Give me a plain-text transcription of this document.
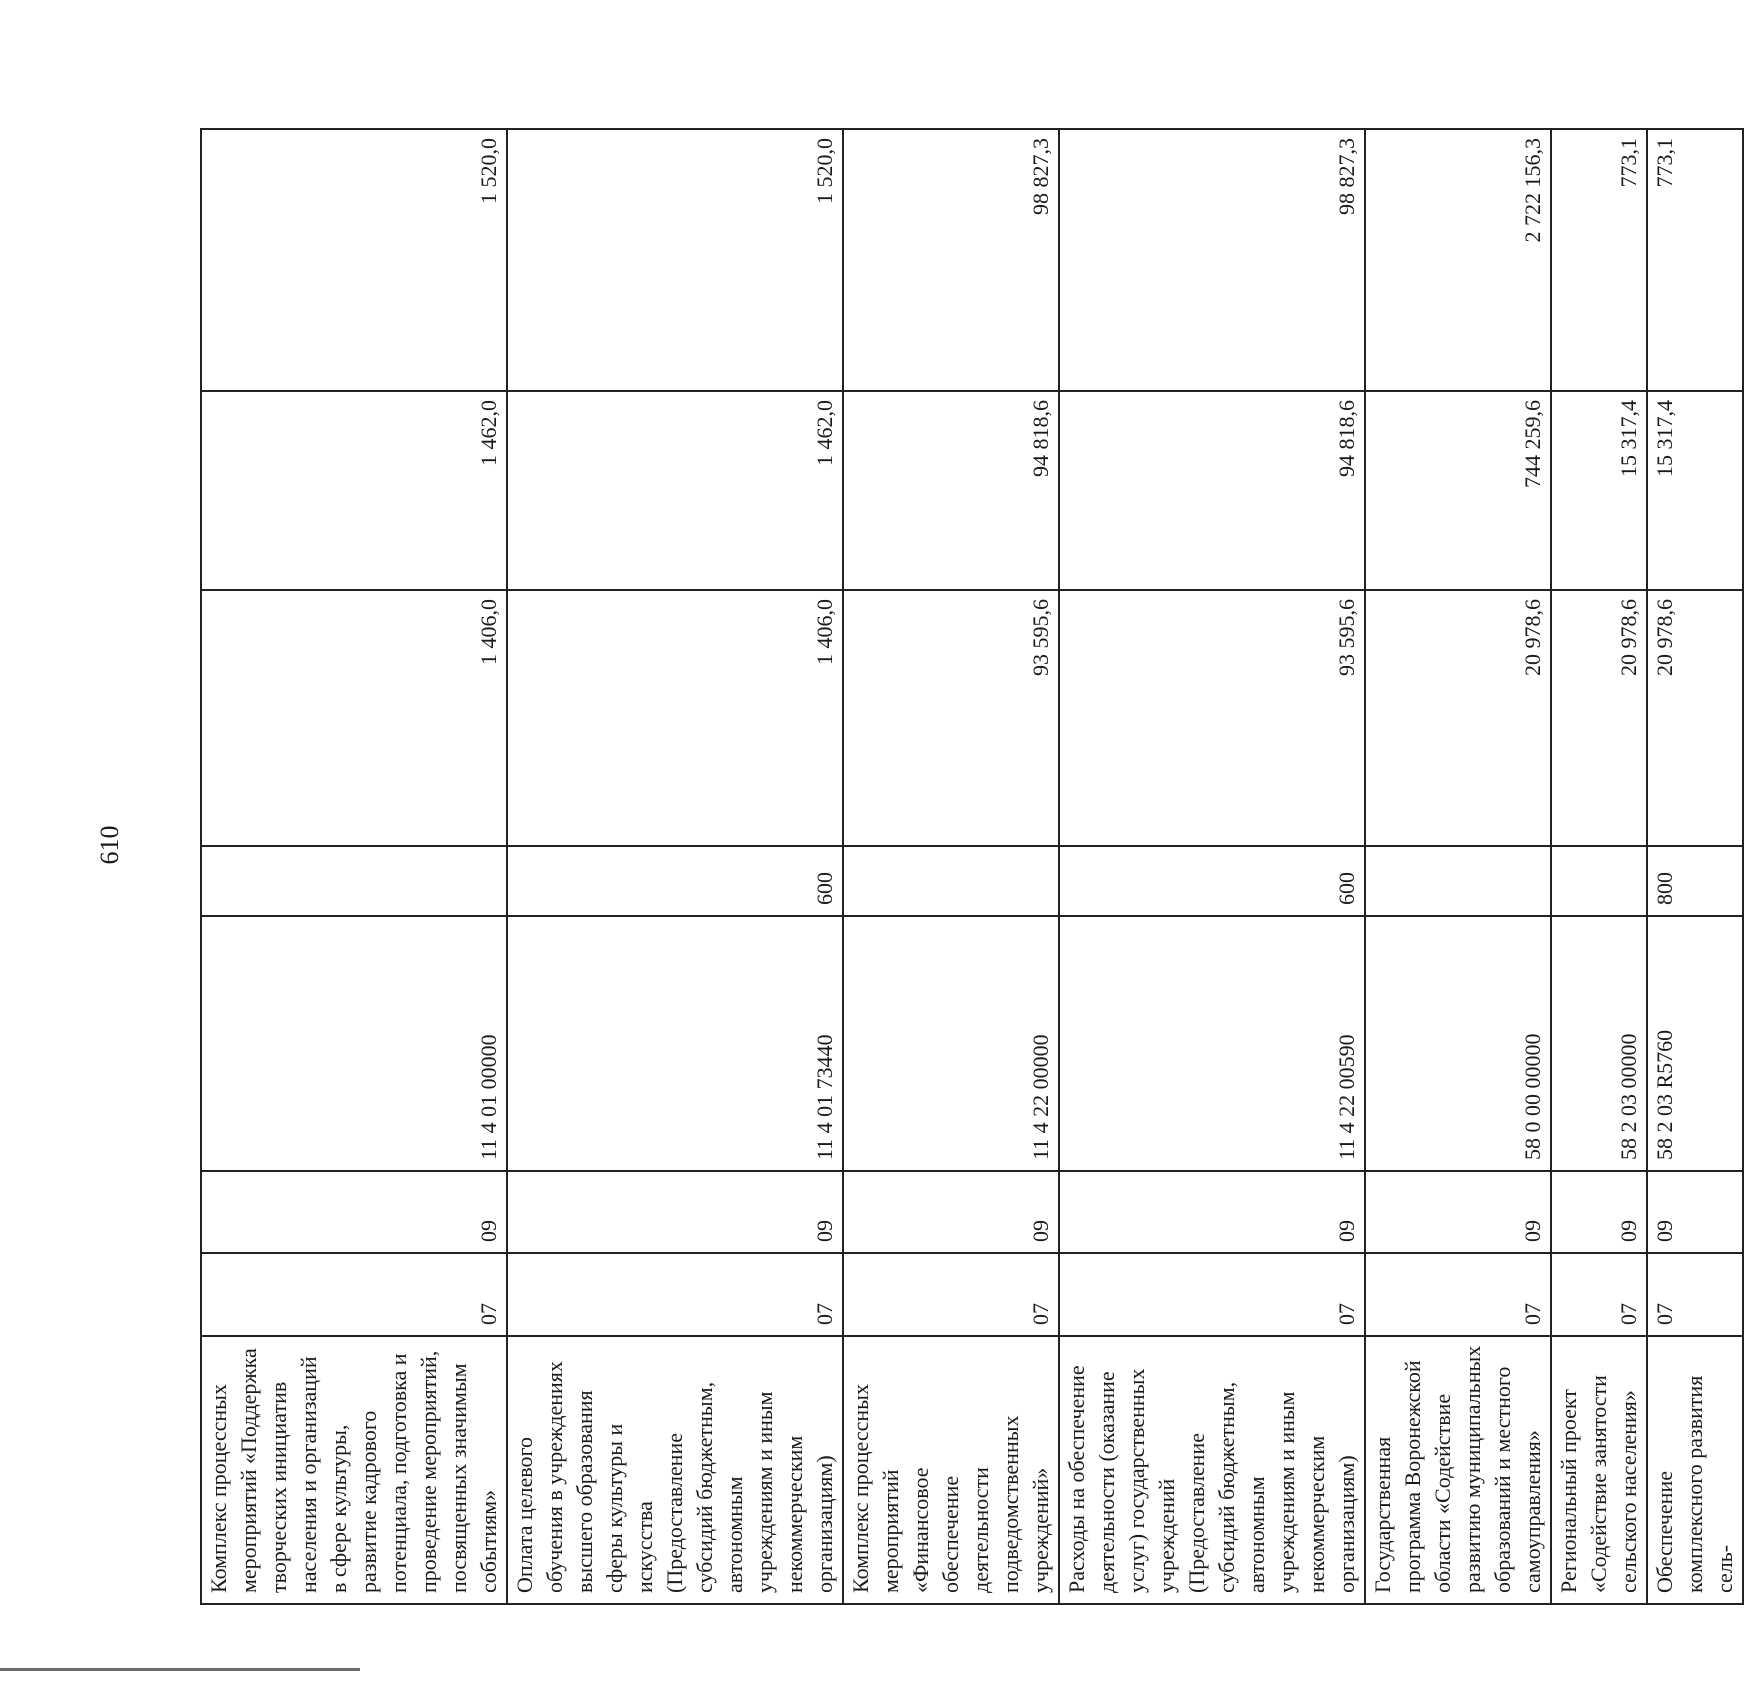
610
Комплекс процессных мероприятий «Поддержка творческих инициатив населения и организаций в сфере культуры, развитие кадрового потенциала, подготовка и проведение мероприятий, посвященных значимым событиям»	07	09	11 4 01 00000		1 406,0	1 462,0	1 520,0
Оплата целевого обучения в учреждениях высшего образования сферы культуры и искусства (Предоставление субсидий бюджетным, автономным учреждениям и иным некоммерческим организациям)	07	09	11 4 01 73440	600	1 406,0	1 462,0	1 520,0
Комплекс процессных мероприятий «Финансовое обеспечение деятельности подведомственных учреждений»	07	09	11 4 22 00000		93 595,6	94 818,6	98 827,3
Расходы на обеспечение деятельности (оказание услуг) государственных учреждений (Предоставление субсидий бюджетным, автономным учреждениям и иным некоммерческим организациям)	07	09	11 4 22 00590	600	93 595,6	94 818,6	98 827,3
Государственная программа Воронежской области «Содействие развитию муниципальных образований и местного самоуправления»	07	09	58 0 00 00000		20 978,6	744 259,6	2 722 156,3
Региональный проект «Содействие занятости сельского населения»	07	09	58 2 03 00000		20 978,6	15 317,4	773,1
Обеспечение комплексного развития сель-	07	09	58 2 03 R5760	800	20 978,6	15 317,4	773,1
